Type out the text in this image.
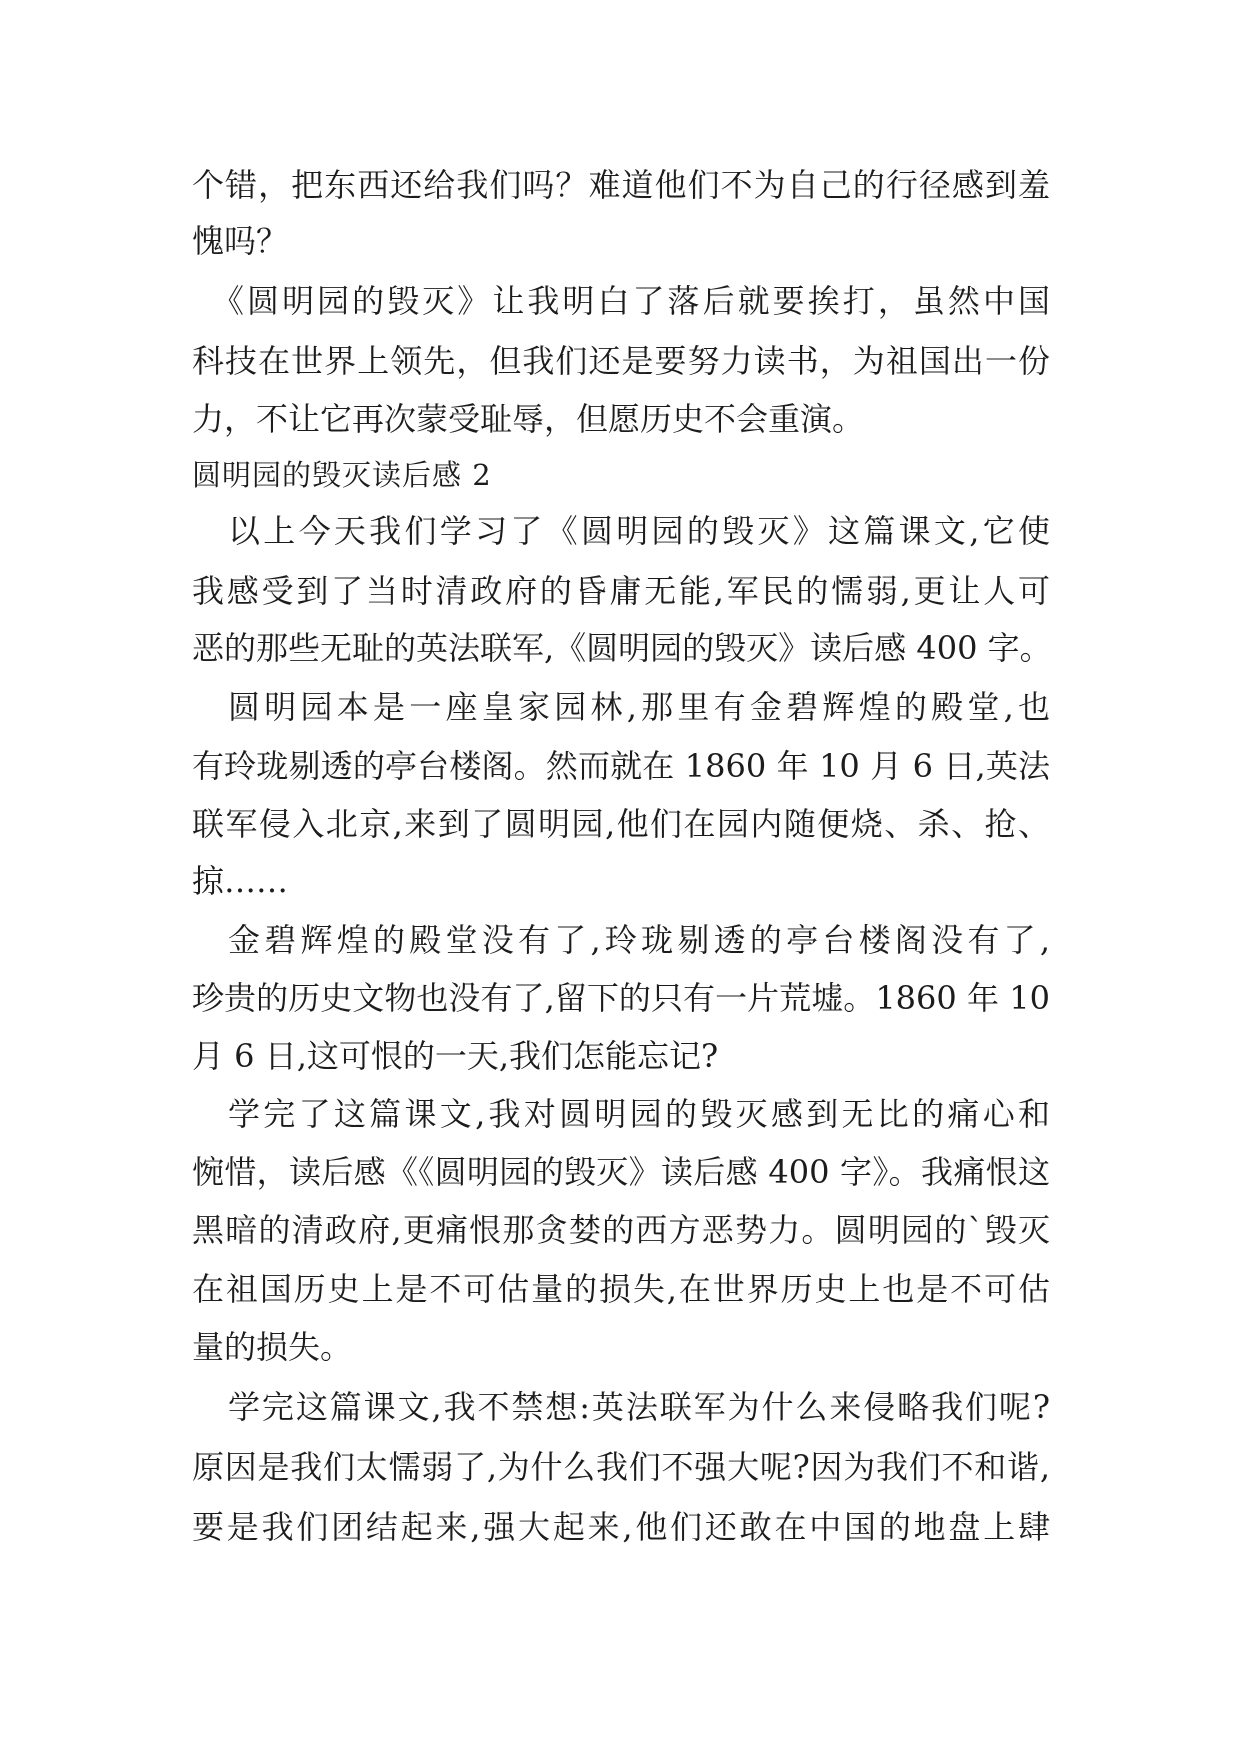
个错，把东西还给我们吗？难道他们不为自己的行径感到羞
愧吗？
《圆明园的毁灭》让我明白了落后就要挨打，虽然中国
科技在世界上领先，但我们还是要努力读书，为祖国出一份
力，不让它再次蒙受耻辱，但愿历史不会重演。
圆明园的毁灭读后感 2
以上今天我们学习了《圆明园的毁灭》这篇课文,它使
我感受到了当时清政府的昏庸无能,军民的懦弱,更让人可
恶的那些无耻的英法联军,《圆明园的毁灭》读后感 400 字。
圆明园本是一座皇家园林,那里有金碧辉煌的殿堂,也
有玲珑剔透的亭台楼阁。然而就在 1860 年 10 月 6 日,英法
联军侵入北京,来到了圆明园,他们在园内随便烧、杀、抢、
掠……
金碧辉煌的殿堂没有了,玲珑剔透的亭台楼阁没有了,
珍贵的历史文物也没有了,留下的只有一片荒墟。1860 年 10
月 6 日,这可恨的一天,我们怎能忘记?
学完了这篇课文,我对圆明园的毁灭感到无比的痛心和
惋惜，读后感《《圆明园的毁灭》读后感 400 字》。我痛恨这
黑暗的清政府,更痛恨那贪婪的西方恶势力。圆明园的`毁灭
在祖国历史上是不可估量的损失,在世界历史上也是不可估
量的损失。
学完这篇课文,我不禁想:英法联军为什么来侵略我们呢?
原因是我们太懦弱了,为什么我们不强大呢?因为我们不和谐,
要是我们团结起来,强大起来,他们还敢在中国的地盘上肆
